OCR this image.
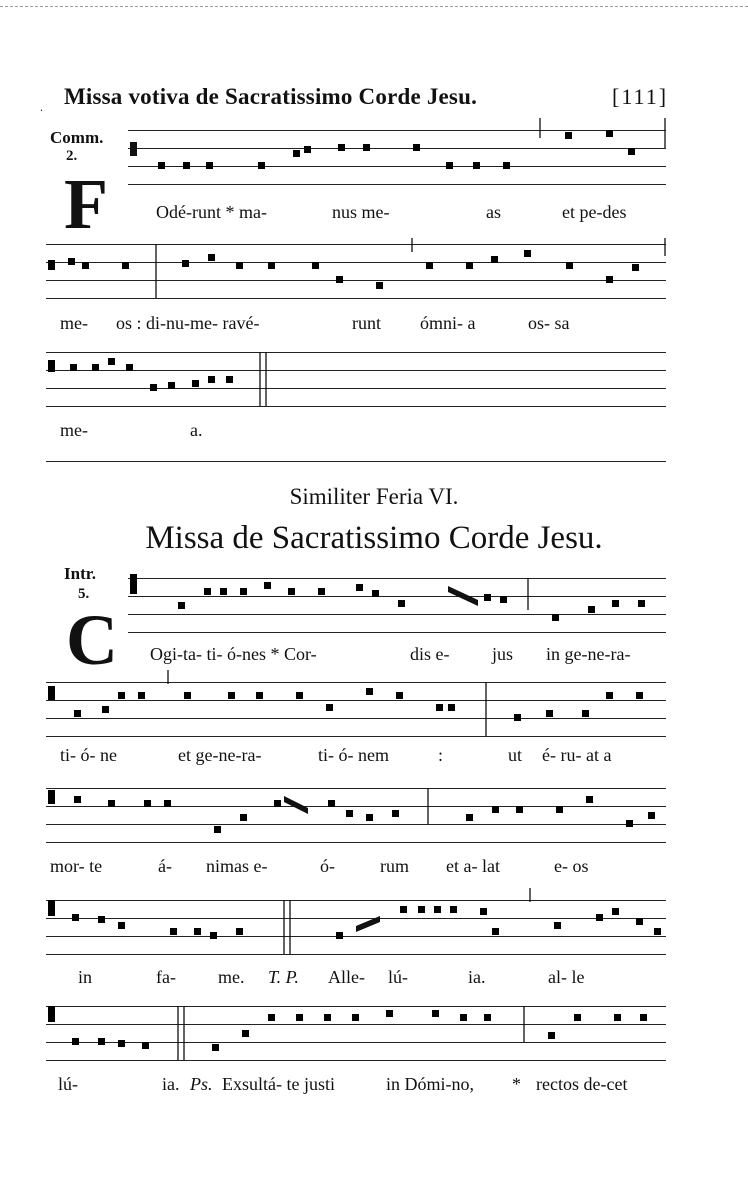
. Missa votiva de Sacratissimo Corde Jesu.	[111]
Comm.
2.
F	Odé-runt * ma-	nus me-	as	et pe-des
me- os : di-nu-me- ravé-	runt ómni- a	os- sa
me-	a.
Similiter Feria VI.
Missa de Sacratissimo Corde Jesu.
Intr.
5.
C Ogi-ta- ti- ó-nes * Cor-	dis e- jus in ge-ne-ra-
ti- ó- ne	et ge-ne-ra-	ti- ó- nem	:	ut é- ru- at a
mor- te	á- nimas e-	ó-	rum et a- lat	e- os
in	fa- me. T. P. Alle- lú-	ia.	al- le
lú-	ia. Ps. Exsultá- te justi	in Dómi-no, * rectos de-cet
